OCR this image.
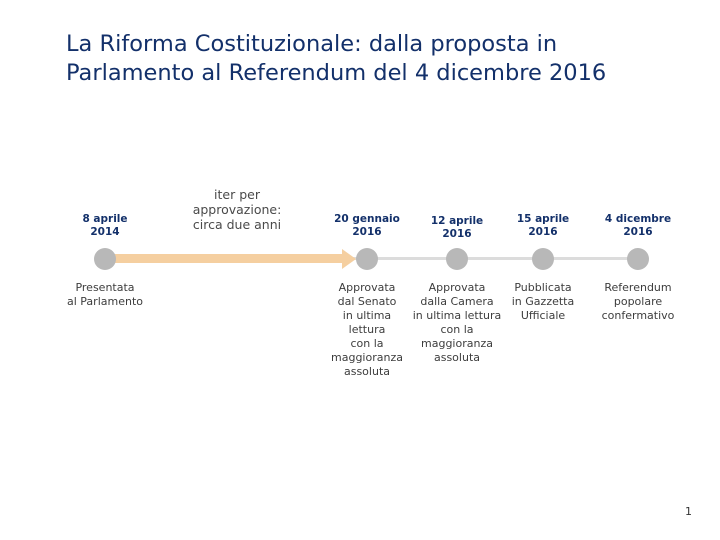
La Riforma Costituzionale: dalla proposta in Parlamento al Referendum del 4 dicembre 2016
iter per
approvazione:
circa due anni
8 aprile
2014
Presentata
al Parlamento
20 gennaio
2016
Approvata
dal Senato
in ultima
lettura
con la
maggioranza
assoluta
12 aprile
2016
Approvata
dalla Camera
in ultima lettura
con la
maggioranza
assoluta
15 aprile
2016
Pubblicata
in Gazzetta
Ufficiale
4 dicembre
2016
Referendum
popolare
confermativo
1
